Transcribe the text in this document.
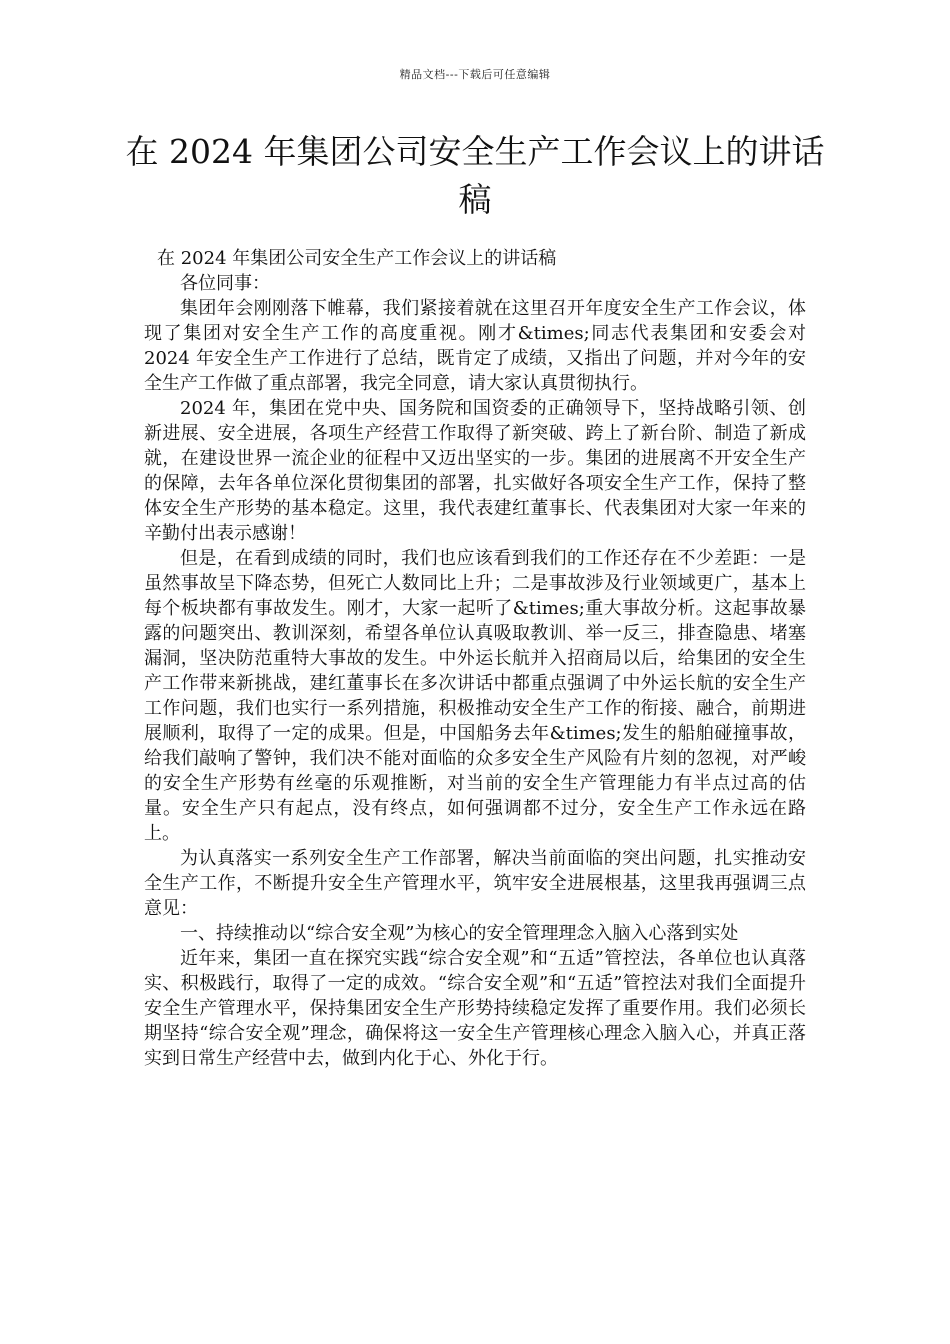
精品文档---下载后可任意编辑
在 2024 年集团公司安全生产工作会议上的讲话稿

在 2024 年集团公司安全生产工作会议上的讲话稿

各位同事：

集团年会刚刚落下帷幕，我们紧接着就在这里召开年度安全生产工作会议，体现了集团对安全生产工作的高度重视。刚才&times;同志代表集团和安委会对 2024 年安全生产工作进行了总结，既肯定了成绩，又指出了问题，并对今年的安全生产工作做了重点部署，我完全同意，请大家认真贯彻执行。

2024 年，集团在党中央、国务院和国资委的正确领导下，坚持战略引领、创新进展、安全进展，各项生产经营工作取得了新突破、跨上了新台阶、制造了新成就，在建设世界一流企业的征程中又迈出坚实的一步。集团的进展离不开安全生产的保障，去年各单位深化贯彻集团的部署，扎实做好各项安全生产工作，保持了整体安全生产形势的基本稳定。这里，我代表建红董事长、代表集团对大家一年来的辛勤付出表示感谢！

但是，在看到成绩的同时，我们也应该看到我们的工作还存在不少差距：一是虽然事故呈下降态势，但死亡人数同比上升；二是事故涉及行业领域更广，基本上每个板块都有事故发生。刚才，大家一起听了&times;重大事故分析。这起事故暴露的问题突出、教训深刻，希望各单位认真吸取教训、举一反三，排查隐患、堵塞漏洞，坚决防范重特大事故的发生。中外运长航并入招商局以后，给集团的安全生产工作带来新挑战，建红董事长在多次讲话中都重点强调了中外运长航的安全生产工作问题，我们也实行一系列措施，积极推动安全生产工作的衔接、融合，前期进展顺利，取得了一定的成果。但是，中国船务去年&times;发生的船舶碰撞事故，给我们敲响了警钟，我们决不能对面临的众多安全生产风险有片刻的忽视，对严峻的安全生产形势有丝毫的乐观推断，对当前的安全生产管理能力有半点过高的估量。安全生产只有起点，没有终点，如何强调都不过分，安全生产工作永远在路上。

为认真落实一系列安全生产工作部署，解决当前面临的突出问题，扎实推动安全生产工作，不断提升安全生产管理水平，筑牢安全进展根基，这里我再强调三点意见：

一、持续推动以“综合安全观”为核心的安全管理理念入脑入心落到实处

近年来，集团一直在探究实践“综合安全观”和“五适”管控法，各单位也认真落实、积极践行，取得了一定的成效。“综合安全观”和“五适”管控法对我们全面提升安全生产管理水平，保持集团安全生产形势持续稳定发挥了重要作用。我们必须长期坚持“综合安全观”理念，确保将这一安全生产管理核心理念入脑入心，并真正落实到日常生产经营中去，做到内化于心、外化于行。
